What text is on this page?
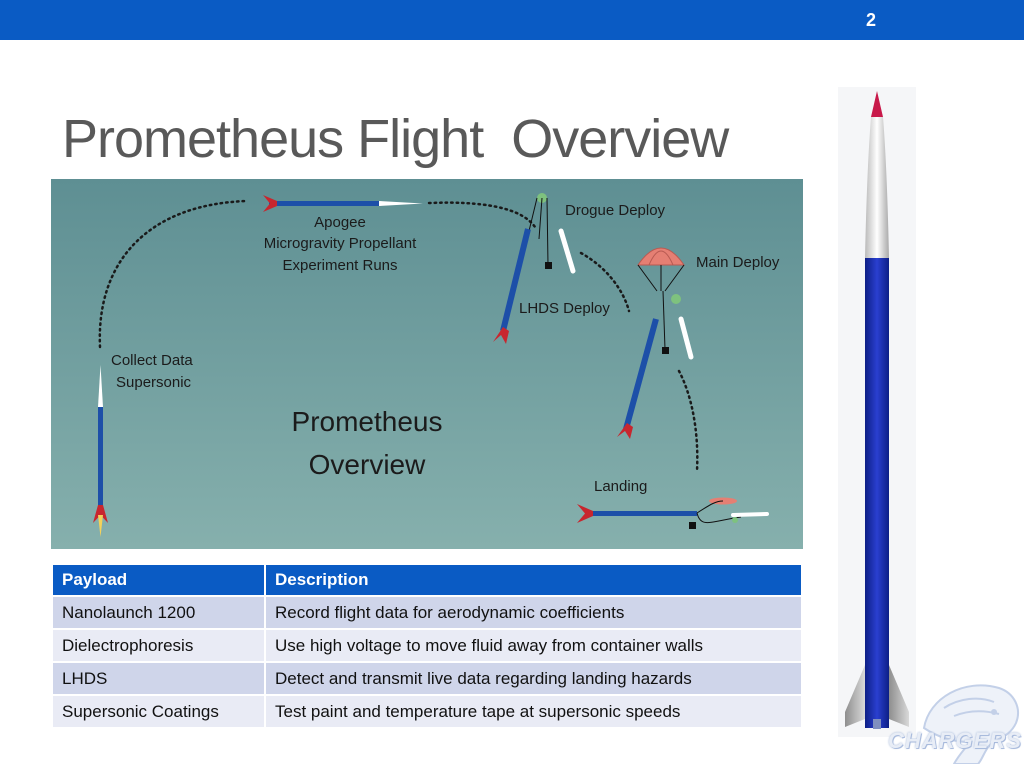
2
Prometheus Flight  Overview
Apogee
Microgravity Propellant
Experiment Runs
Drogue Deploy
Main Deploy
LHDS Deploy
Collect Data
Supersonic
Landing
Prometheus
Overview
Payload	Description
Nanolaunch 1200	Record flight data for aerodynamic coefficients
Dielectrophoresis	Use high voltage to move fluid away from container walls
LHDS	Detect and transmit live data regarding landing hazards
Supersonic Coatings	Test paint and temperature tape at supersonic speeds
CHARGERS
